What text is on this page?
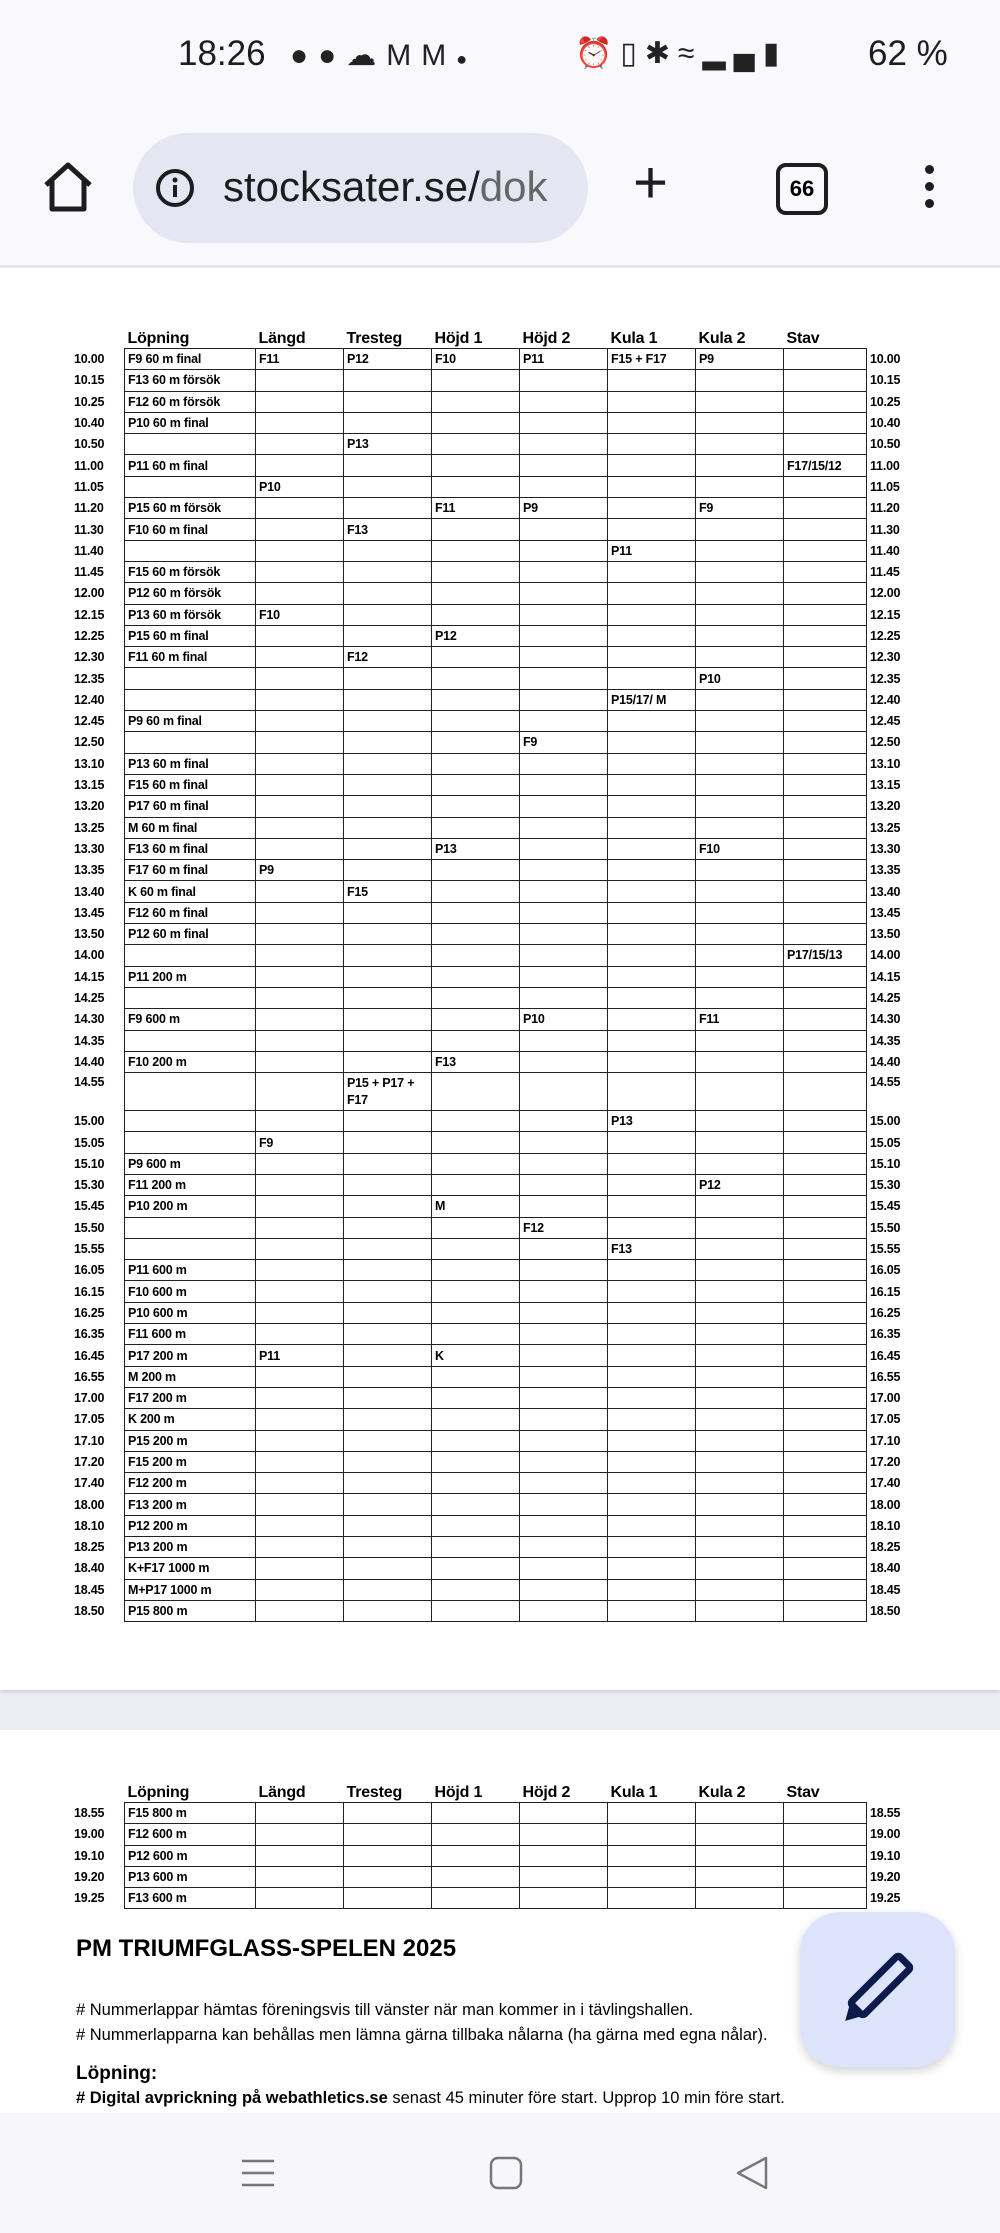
18:26 ●●☁MM●	⏰▯✱≈▂▄▮ 62 %
stocksater.se/dok +	66
	Löpning	Längd	Tresteg	Höjd 1	Höjd 2	Kula 1	Kula 2	Stav	
10.00	F9 60 m final	F11	P12	F10	P11	F15 + F17	P9		10.00
10.15	F13 60 m försök								10.15
10.25	F12 60 m försök								10.25
10.40	P10 60 m final								10.40
10.50			P13						10.50
11.00	P11 60 m final							F17/15/12	11.00
11.05		P10							11.05
11.20	P15 60 m försök			F11	P9		F9		11.20
11.30	F10 60 m final		F13						11.30
11.40						P11			11.40
11.45	F15 60 m försök								11.45
12.00	P12 60 m försök								12.00
12.15	P13 60 m försök	F10							12.15
12.25	P15 60 m final			P12					12.25
12.30	F11 60 m final		F12						12.30
12.35							P10		12.35
12.40						P15/17/ M			12.40
12.45	P9 60 m final								12.45
12.50					F9				12.50
13.10	P13 60 m final								13.10
13.15	F15 60 m final								13.15
13.20	P17 60 m final								13.20
13.25	M 60 m final								13.25
13.30	F13 60 m final			P13			F10		13.30
13.35	F17 60 m final	P9							13.35
13.40	K 60 m final		F15						13.40
13.45	F12 60 m final								13.45
13.50	P12 60 m final								13.50
14.00								P17/15/13	14.00
14.15	P11 200 m								14.15
14.25									14.25
14.30	F9 600 m				P10		F11		14.30
14.35									14.35
14.40	F10 200 m			F13					14.40
14.55			P15 + P17 + F17						14.55
15.00						P13			15.00
15.05		F9							15.05
15.10	P9 600 m								15.10
15.30	F11 200 m						P12		15.30
15.45	P10 200 m			M					15.45
15.50					F12				15.50
15.55						F13			15.55
16.05	P11 600 m								16.05
16.15	F10 600 m								16.15
16.25	P10 600 m								16.25
16.35	F11 600 m								16.35
16.45	P17 200 m	P11		K					16.45
16.55	M 200 m								16.55
17.00	F17 200 m								17.00
17.05	K 200 m								17.05
17.10	P15 200 m								17.10
17.20	F15 200 m								17.20
17.40	F12 200 m								17.40
18.00	F13 200 m								18.00
18.10	P12 200 m								18.10
18.25	P13 200 m								18.25
18.40	K+F17 1000 m								18.40
18.45	M+P17 1000 m								18.45
18.50	P15 800 m								18.50
	Löpning	Längd	Tresteg	Höjd 1	Höjd 2	Kula 1	Kula 2	Stav	
18.55	F15 800 m								18.55
19.00	F12 600 m								19.00
19.10	P12 600 m								19.10
19.20	P13 600 m								19.20
19.25	F13 600 m								19.25
PM TRIUMFGLASS-SPELEN 2025
# Nummerlappar hämtas föreningsvis till vänster när man kommer in i tävlingshallen.
# Nummerlapparna kan behållas men lämna gärna tillbaka nålarna (ha gärna med egna nålar).
Löpning:
# Digital avprickning på webathletics.se senast 45 minuter före start. Upprop 10 min före start.
